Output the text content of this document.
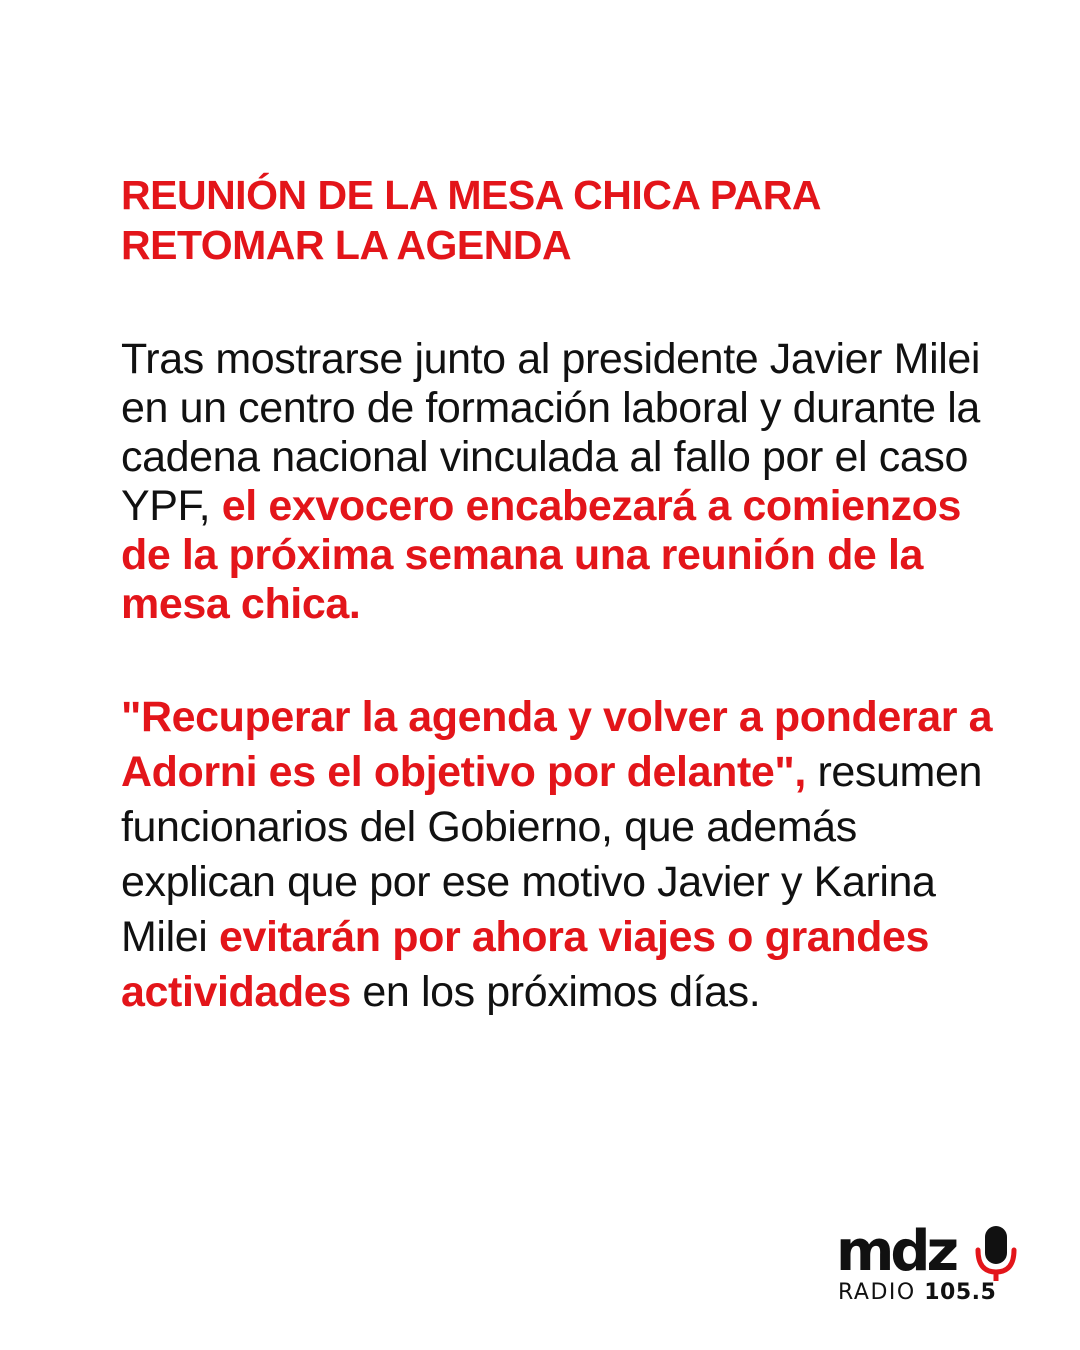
REUNIÓN DE LA MESA CHICA PARA
RETOMAR LA AGENDA

Tras mostrarse junto al presidente Javier Milei en un centro de formación laboral y durante la cadena nacional vinculada al fallo por el caso YPF, el exvocero encabezará a comienzos de la próxima semana una reunión de la mesa chica.

"Recuperar la agenda y volver a ponderar a Adorni es el objetivo por delante", resumen funcionarios del Gobierno, que además explican que por ese motivo Javier y Karina Milei evitarán por ahora viajes o grandes actividades en los próximos días.

mdz
RADIO 105.5
